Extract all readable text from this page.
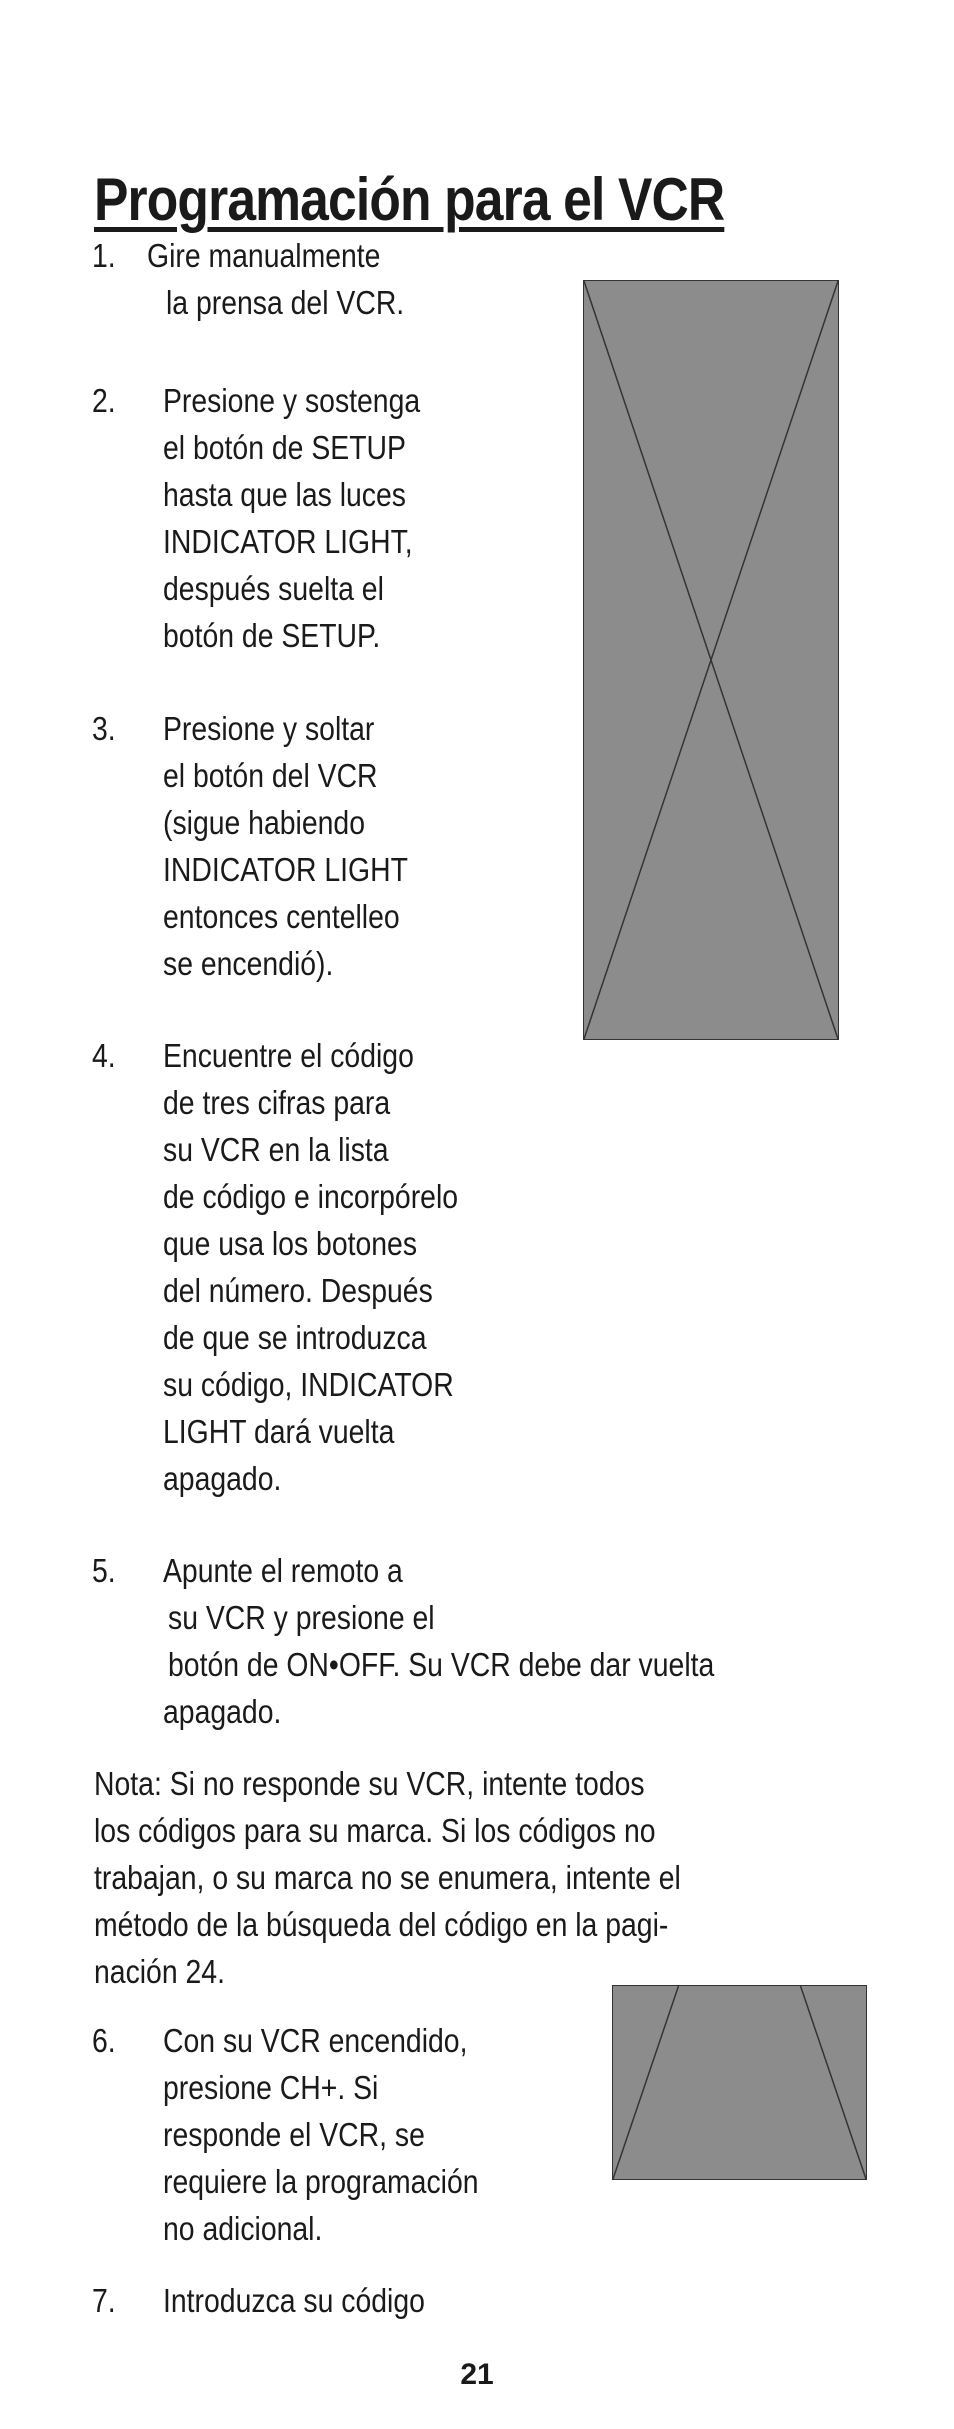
Programación para el VCR
1. Gire manualmente
la prensa del VCR.
2. Presione y sostenga
el botón de SETUP
hasta que las luces
INDICATOR LIGHT,
después suelta el
botón de SETUP.
3. Presione y soltar
el botón del VCR
(sigue habiendo
INDICATOR LIGHT
entonces centelleo
se encendió).
4. Encuentre el código
de tres cifras para
su VCR en la lista
de código e incorpórelo
que usa los botones
del número. Después
de que se introduzca
su código, INDICATOR
LIGHT dará vuelta
apagado.
5. Apunte el remoto a
su VCR y presione el
botón de ON•OFF. Su VCR debe dar vuelta
apagado.
Nota: Si no responde su VCR, intente todos
los códigos para su marca. Si los códigos no
trabajan, o su marca no se enumera, intente el
método de la búsqueda del código en la pagi-
nación 24.
6. Con su VCR encendido,
presione CH+. Si
responde el VCR, se
requiere la programación
no adicional.
7. Introduzca su código
21
